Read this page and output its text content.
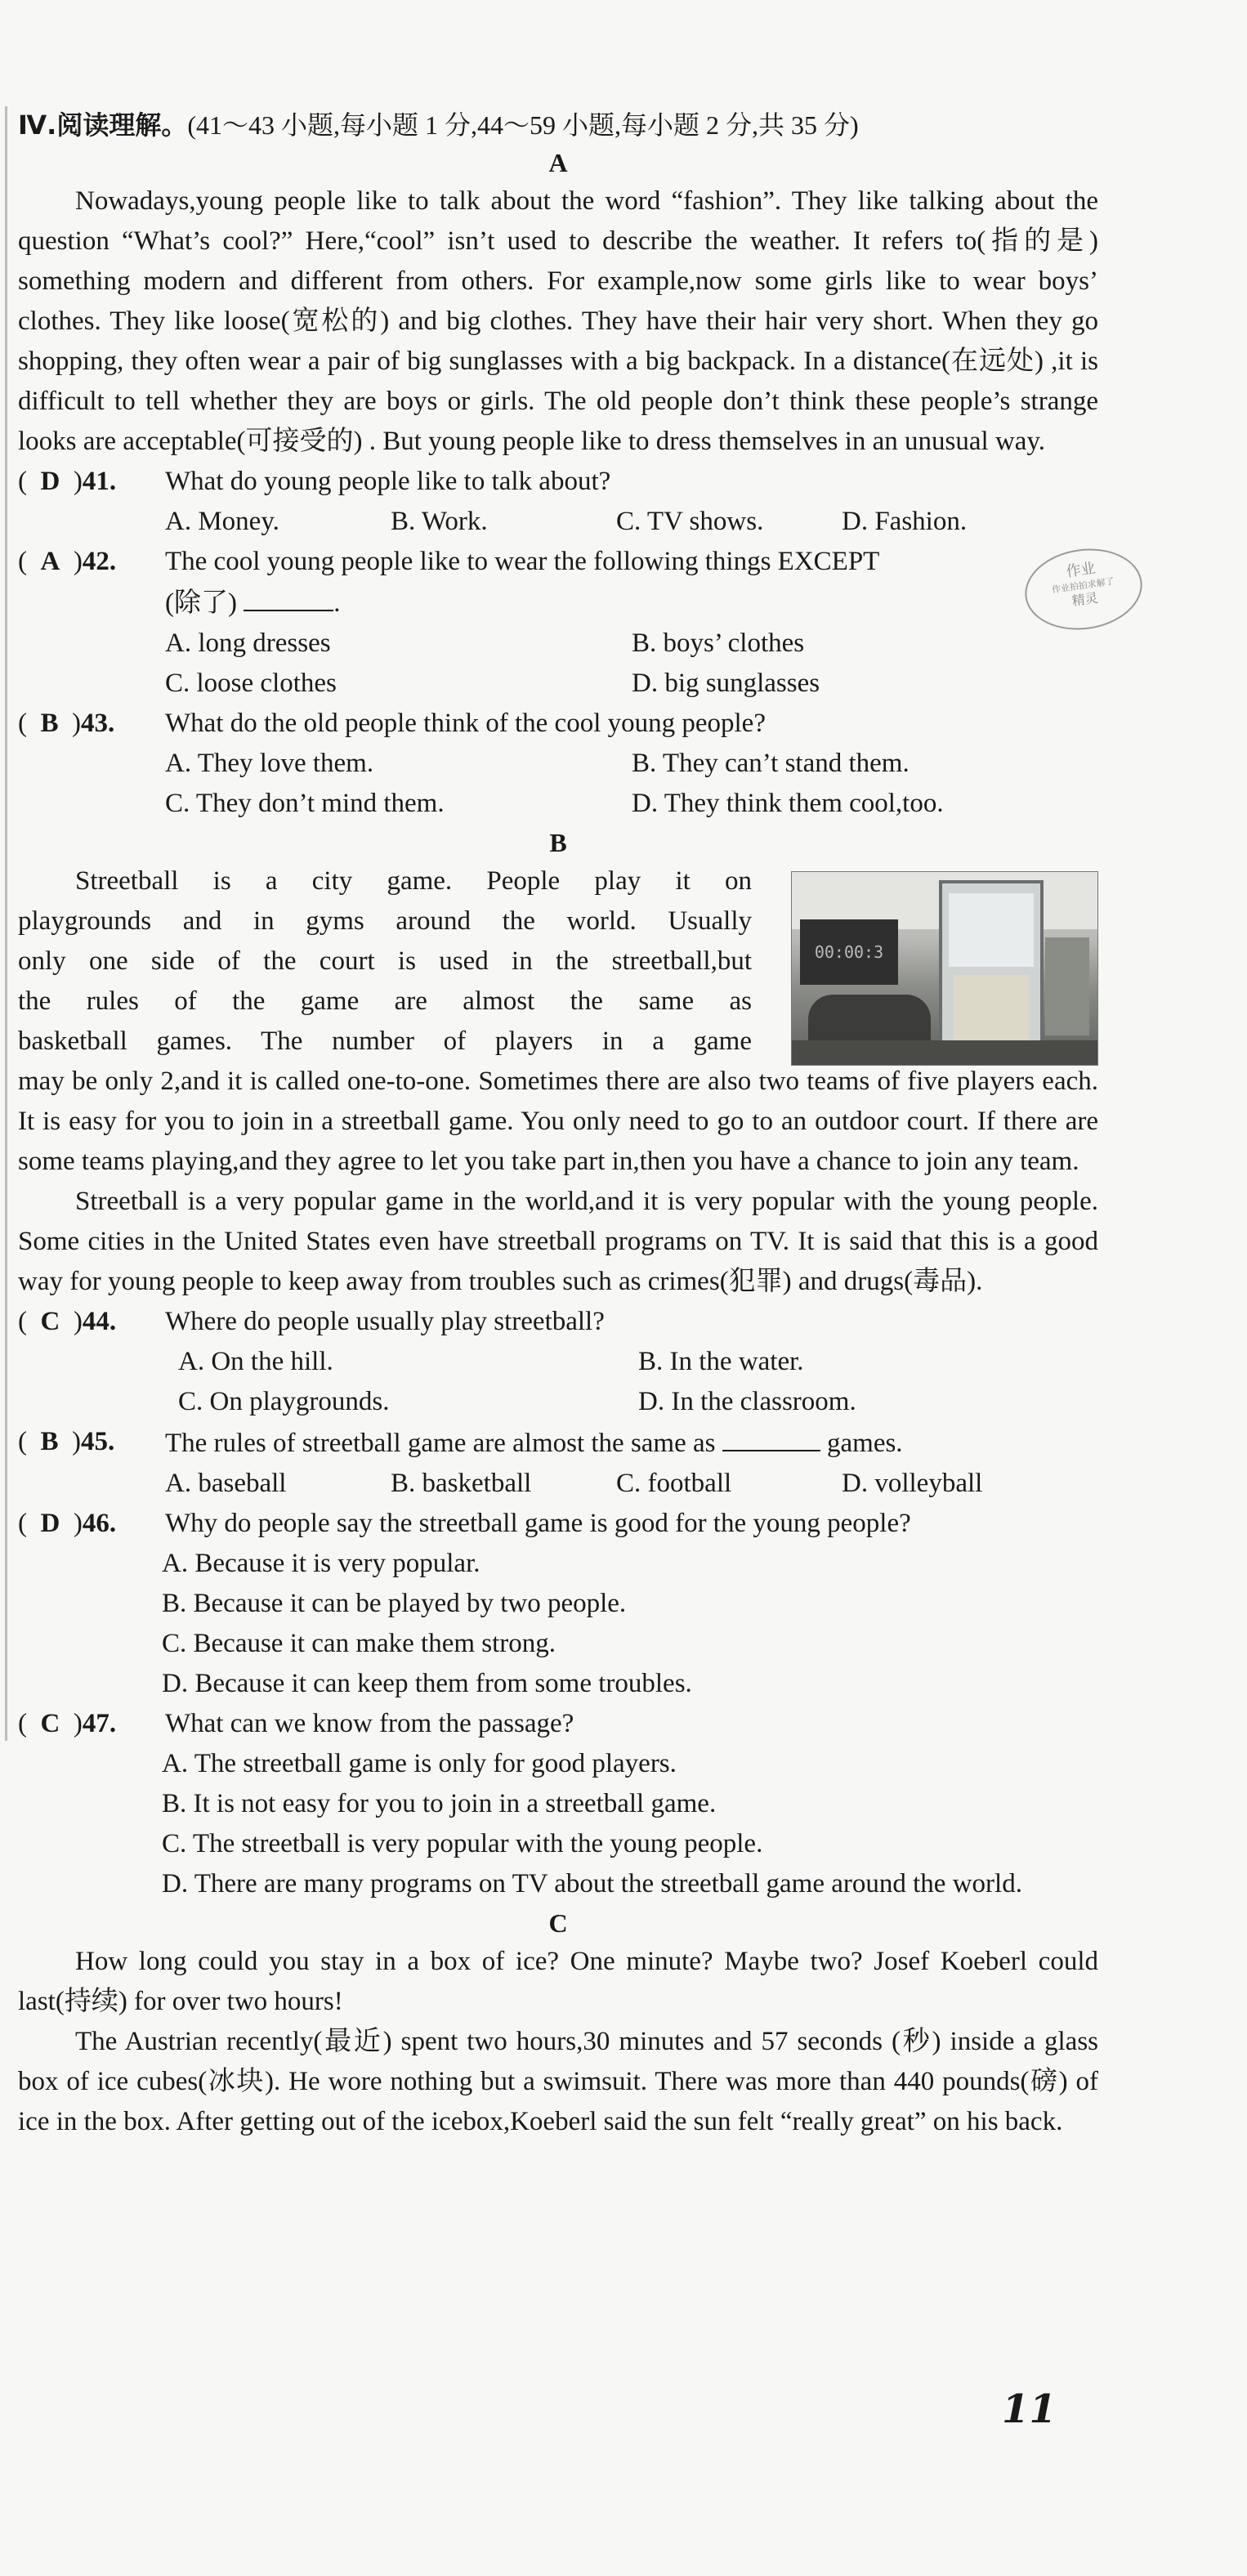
作业
作业拍拍求解了
精灵
Ⅳ.阅读理解。(41～43 小题,每小题 1 分,44～59 小题,每小题 2 分,共 35 分)
A

Nowadays,young people like to talk about the word “fashion”. They like talking about the question “What’s cool?” Here,“cool” isn’t used to describe the weather. It refers to(指的是) something modern and different from others. For example,now some girls like to wear boys’ clothes. They like loose(宽松的) and big clothes. They have their hair very short. When they go shopping, they often wear a pair of big sunglasses with a big backpack. In a distance(在远处) ,it is difficult to tell whether they are boys or girls. The old people don’t think these people’s strange looks are acceptable(可接受的) . But young people like to dress themselves in an unusual way.

(  D  )41.	What do young people like to talk about?
A. Money.	B. Work.	C. TV shows.	D. Fashion.
(  A  )42.	The cool young people like to wear the following things EXCEPT
(除了)	.
A. long dresses	B. boys’ clothes
C. loose clothes	D. big sunglasses
(  B  )43.	What do the old people think of the cool young people?
A. They love them.	B. They can’t stand them.
C. They don’t mind them.	D. They think them cool,too.
B
00:00:3

Streetball is a city game. People play it on

playgrounds and in gyms around the world. Usually

only one side of the court is used in the streetball,but

the rules of the game are almost the same as

basketball games. The number of players in a game

may be only 2,and it is called one-to-one. Sometimes there are also two teams of five players each. It is easy for you to join in a streetball game. You only need to go to an outdoor court. If there are some teams playing,and they agree to let you take part in,then you have a chance to join any team.

Streetball is a very popular game in the world,and it is very popular with the young people. Some cities in the United States even have streetball programs on TV. It is said that this is a good way for young people to keep away from troubles such as crimes(犯罪) and drugs(毒品).

(  C  )44.	Where do people usually play streetball?
A. On the hill.	B. In the water.
C. On playgrounds.	D. In the classroom.
(  B  )45.	The rules of streetball game are almost the same as	games.
A. baseball	B. basketball	C. football	D. volleyball
(  D  )46.	Why do people say the streetball game is good for the young people?
A. Because it is very popular.
B. Because it can be played by two people.
C. Because it can make them strong.
D. Because it can keep them from some troubles.
(  C  )47.	What can we know from the passage?
A. The streetball game is only for good players.
B. It is not easy for you to join in a streetball game.
C. The streetball is very popular with the young people.
D. There are many programs on TV about the streetball game around the world.
C

How long could you stay in a box of ice? One minute? Maybe two? Josef Koeberl could last(持续) for over two hours!

The Austrian recently(最近) spent two hours,30 minutes and 57 seconds (秒) inside a glass box of ice cubes(冰块). He wore nothing but a swimsuit. There was more than 440 pounds(磅) of ice in the box. After getting out of the icebox,Koeberl said the sun felt “really great” on his back.

11
